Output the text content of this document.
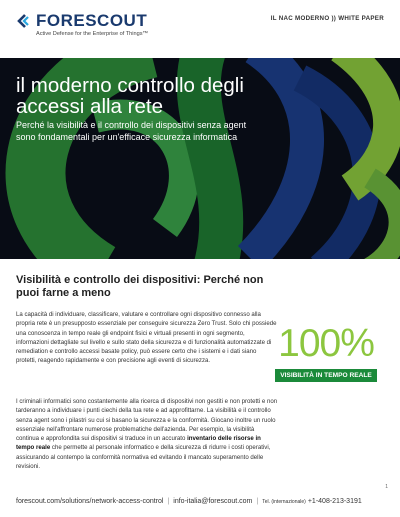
FORESCOUT
Active Defense for the Enterprise of Things™
IL NAC MODERNO )) WHITE PAPER
il moderno controllo degli accessi alla rete
Perché la visibilità e il controllo dei dispositivi senza agent sono fondamentali per un'efficace sicurezza informatica
Visibilità e controllo dei dispositivi: Perché non puoi farne a meno
La capacità di individuare, classificare, valutare e controllare ogni dispositivo connesso alla propria rete è un presupposto essenziale per conseguire sicurezza Zero Trust. Solo chi possiede una conoscenza in tempo reale gli endpoint fisici e virtuali presenti in ogni segmento, informazioni dettagliate sul livello e sullo stato della sicurezza e di funzionalità automatizzate di remediation e controllo accessi basate policy, può essere certo che i sistemi e i dati siano protetti, reagendo rapidamente e con precisione agli eventi di sicurezza.
I criminali informatici sono costantemente alla ricerca di dispositivi non gestiti e non protetti e non tarderanno a individuare i punti ciechi della tua rete e ad approfittarne. La visibilità e il controllo senza agent sono i pilastri su cui si basano la sicurezza e la conformità. Giocano inoltre un ruolo essenziale nell'affrontare numerose problematiche dell'azienda. Per esempio, la visibilità continua e approfondita sui dispositivi si traduce in un accurato inventario delle risorse in tempo reale che permette al personale informatico e della sicurezza di ridurre i costi operativi, assicurando al contempo la conformità normativa ed evitando il mancato superamento delle revisioni.
100%
VISIBILITÀ IN TEMPO REALE
1
forescout.com/solutions/network-access-control | info-italia@forescout.com | Tel. (internazionale) +1-408-213-3191
